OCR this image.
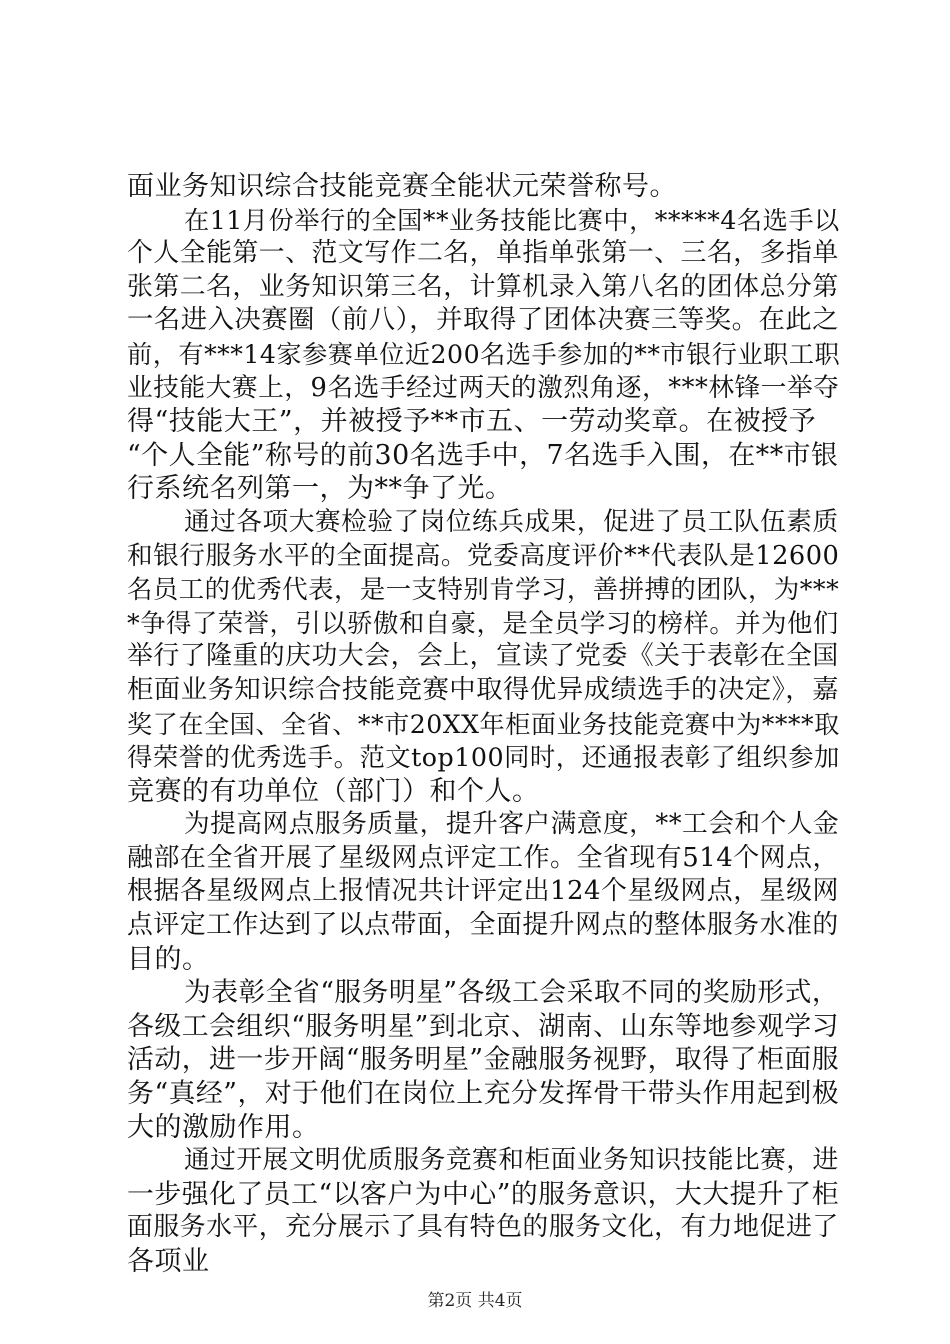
面业务知识综合技能竞赛全能状元荣誉称号。
在11月份举行的全国**业务技能比赛中，*****4名选手以
个人全能第一、范文写作二名，单指单张第一、三名，多指单
张第二名，业务知识第三名，计算机录入第八名的团体总分第
一名进入决赛圈（前八），并取得了团体决赛三等奖。在此之
前，有***14家参赛单位近200名选手参加的**市银行业职工职
业技能大赛上，9名选手经过两天的激烈角逐，***林锋一举夺
得“技能大王”，并被授予**市五、一劳动奖章。在被授予
“个人全能”称号的前30名选手中，7名选手入围，在**市银
行系统名列第一，为**争了光。
通过各项大赛检验了岗位练兵成果，促进了员工队伍素质
和银行服务水平的全面提高。党委高度评价**代表队是12600
名员工的优秀代表，是一支特别肯学习，善拼搏的团队，为***
*争得了荣誉，引以骄傲和自豪，是全员学习的榜样。并为他们
举行了隆重的庆功大会，会上，宣读了党委《关于表彰在全国
柜面业务知识综合技能竞赛中取得优异成绩选手的决定》，嘉
奖了在全国、全省、**市20XX年柜面业务技能竞赛中为****取
得荣誉的优秀选手。范文top100同时，还通报表彰了组织参加
竞赛的有功单位（部门）和个人。
为提高网点服务质量，提升客户满意度，**工会和个人金
融部在全省开展了星级网点评定工作。全省现有514个网点，
根据各星级网点上报情况共计评定出124个星级网点，星级网
点评定工作达到了以点带面，全面提升网点的整体服务水准的
目的。
为表彰全省“服务明星”各级工会采取不同的奖励形式，
各级工会组织“服务明星”到北京、湖南、山东等地参观学习
活动，进一步开阔“服务明星”金融服务视野，取得了柜面服
务“真经”，对于他们在岗位上充分发挥骨干带头作用起到极
大的激励作用。
通过开展文明优质服务竞赛和柜面业务知识技能比赛，进
一步强化了员工“以客户为中心”的服务意识，大大提升了柜
面服务水平，充分展示了具有特色的服务文化，有力地促进了
各项业
第2页 共4页
